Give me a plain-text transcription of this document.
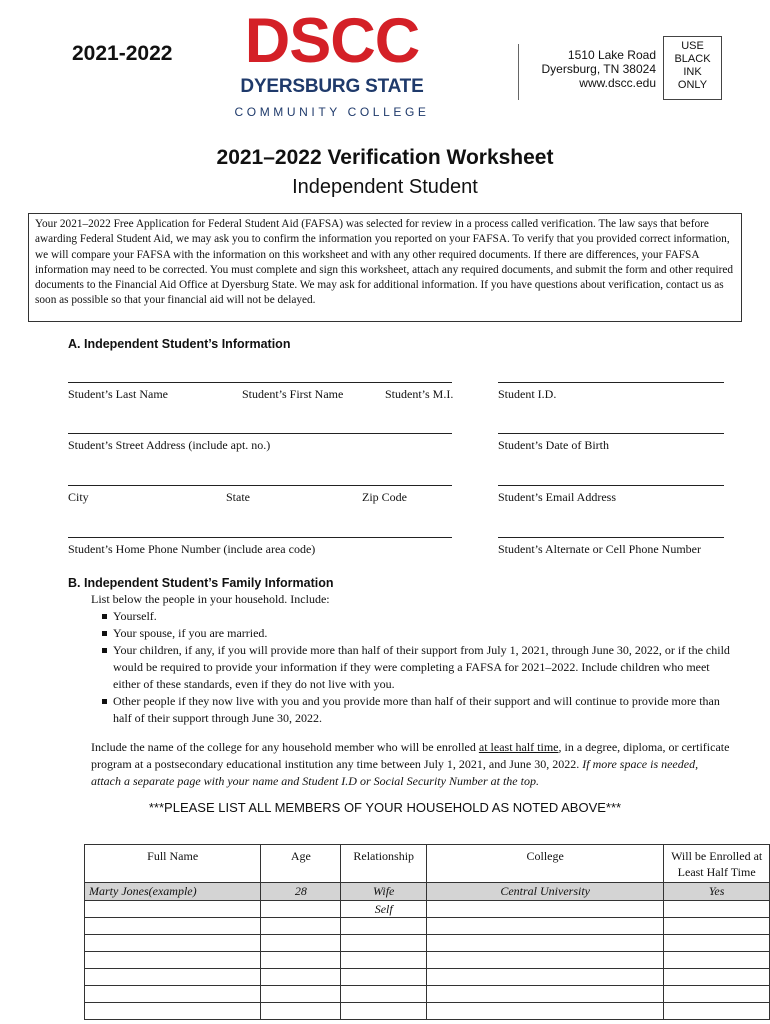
2021-2022 DSCC
DYERSBURG STATE
COMMUNITY COLLEGE
1510 Lake Road
Dyersburg, TN 38024
www.dscc.edu
USE
BLACK
INK
ONLY
2021–2022 Verification Worksheet
Independent Student
Your 2021–2022 Free Application for Federal Student Aid (FAFSA) was selected for review in a process called verification. The law says that before awarding Federal Student Aid, we may ask you to confirm the information you reported on your FAFSA. To verify that you provided correct information, we will compare your FAFSA with the information on this worksheet and with any other required documents. If there are differences, your FAFSA information may need to be corrected. You must complete and sign this worksheet, attach any required documents, and submit the form and other required documents to the Financial Aid Office at Dyersburg State. We may ask for additional information. If you have questions about verification, contact us as soon as possible so that your financial aid will not be delayed.
A. Independent Student’s Information
Student’s Last Name	Student’s First Name	Student’s M.I.	Student I.D.
Student’s Street Address (include apt. no.)	Student’s Date of Birth
City	State	Zip Code	Student’s Email Address
Student’s Home Phone Number (include area code)	Student’s Alternate or Cell Phone Number
B. Independent Student’s Family Information
List below the people in your household. Include:
Yourself.
Your spouse, if you are married.
Your children, if any, if you will provide more than half of their support from July 1, 2021, through June 30, 2022, or if the child would be required to provide your information if they were completing a FAFSA for 2021–2022. Include children who meet either of these standards, even if they do not live with you.
Other people if they now live with you and you provide more than half of their support and will continue to provide more than half of their support through June 30, 2022.
Include the name of the college for any household member who will be enrolled at least half time, in a degree, diploma, or certificate program at a postsecondary educational institution any time between July 1, 2021, and June 30, 2022. If more space is needed, attach a separate page with your name and Student I.D or Social Security Number at the top.
***PLEASE LIST ALL MEMBERS OF YOUR HOUSEHOLD AS NOTED ABOVE***
Full Name	Age	Relationship	College	Will be Enrolled at Least Half Time
Marty Jones(example)	28	Wife	Central University	Yes
		Self		
